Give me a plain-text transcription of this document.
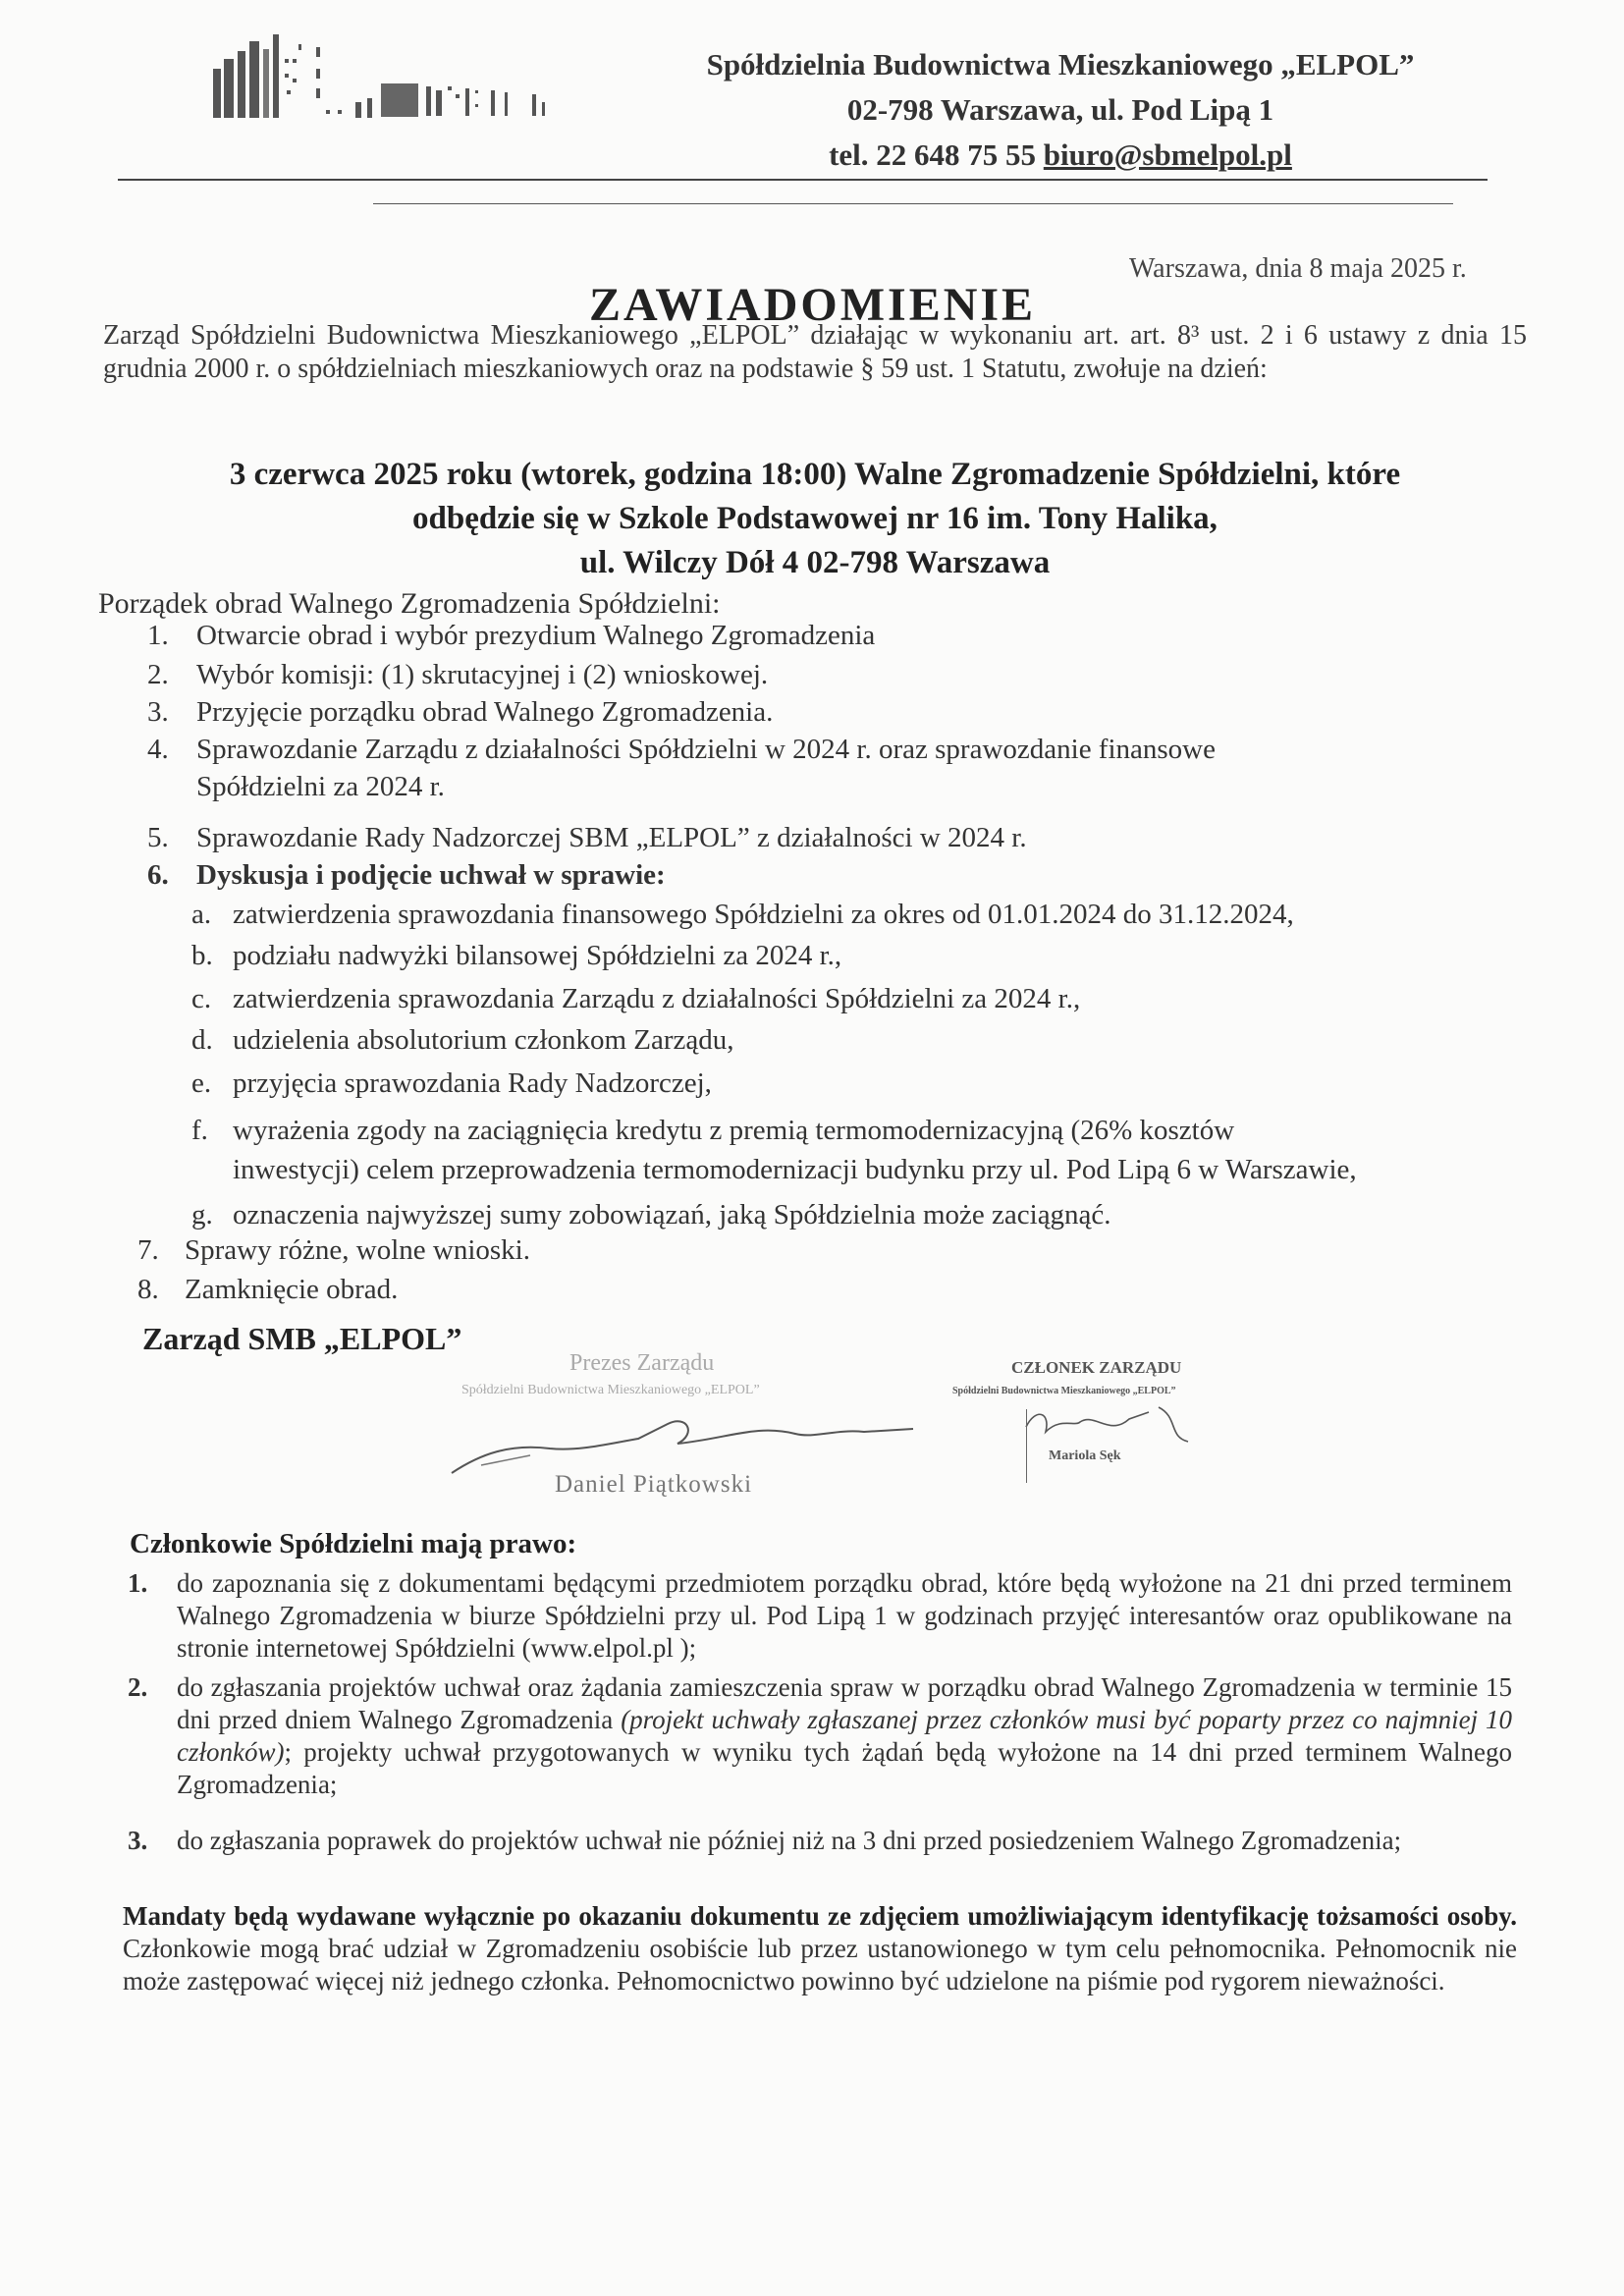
Spółdzielnia Budownictwa Mieszkaniowego „ELPOL”
02-798 Warszawa, ul. Pod Lipą 1
tel. 22 648 75 55 biuro@sbmelpol.pl
Warszawa, dnia 8 maja 2025 r.
ZAWIADOMIENIE
Zarząd Spółdzielni Budownictwa Mieszkaniowego „ELPOL” działając w wykonaniu art. art. 8³ ust. 2 i 6 ustawy z dnia 15 grudnia 2000 r. o spółdzielniach mieszkaniowych oraz na podstawie § 59 ust. 1 Statutu, zwołuje na dzień:
3 czerwca 2025 roku (wtorek, godzina 18:00) Walne Zgromadzenie Spółdzielni, które
odbędzie się w Szkole Podstawowej nr 16 im. Tony Halika,
ul. Wilczy Dół 4 02-798 Warszawa
Porządek obrad Walnego Zgromadzenia Spółdzielni:
1. Otwarcie obrad i wybór prezydium Walnego Zgromadzenia
2. Wybór komisji: (1) skrutacyjnej i (2) wnioskowej.
3. Przyjęcie porządku obrad Walnego Zgromadzenia.
4. Sprawozdanie Zarządu z działalności Spółdzielni w 2024 r. oraz sprawozdanie finansowe
Spółdzielni za 2024 r.
5. Sprawozdanie Rady Nadzorczej SBM „ELPOL” z działalności w 2024 r.
6. Dyskusja i podjęcie uchwał w sprawie:
a. zatwierdzenia sprawozdania finansowego Spółdzielni za okres od 01.01.2024 do 31.12.2024,
b. podziału nadwyżki bilansowej Spółdzielni za 2024 r.,
c. zatwierdzenia sprawozdania Zarządu z działalności Spółdzielni za 2024 r.,
d. udzielenia absolutorium członkom Zarządu,
e. przyjęcia sprawozdania Rady Nadzorczej,
f. wyrażenia zgody na zaciągnięcia kredytu z premią termomodernizacyjną (26% kosztów
inwestycji) celem przeprowadzenia termomodernizacji budynku przy ul. Pod Lipą 6 w Warszawie,
g. oznaczenia najwyższej sumy zobowiązań, jaką Spółdzielnia może zaciągnąć.
7. Sprawy różne, wolne wnioski.
8. Zamknięcie obrad.
Zarząd SMB „ELPOL”
Prezes Zarządu
Spółdzielni Budownictwa Mieszkaniowego „ELPOL”
Daniel Piątkowski
CZŁONEK ZARZĄDU
Spółdzielni Budownictwa Mieszkaniowego „ELPOL”
Mariola Sęk
Członkowie Spółdzielni mają prawo:
1. do zapoznania się z dokumentami będącymi przedmiotem porządku obrad, które będą wyłożone na 21 dni przed terminem Walnego Zgromadzenia w biurze Spółdzielni przy ul. Pod Lipą 1 w godzinach przyjęć interesantów oraz opublikowane na stronie internetowej Spółdzielni (www.elpol.pl );
2. do zgłaszania projektów uchwał oraz żądania zamieszczenia spraw w porządku obrad Walnego Zgromadzenia w terminie 15 dni przed dniem Walnego Zgromadzenia (projekt uchwały zgłaszanej przez członków musi być poparty przez co najmniej 10 członków); projekty uchwał przygotowanych w wyniku tych żądań będą wyłożone na 14 dni przed terminem Walnego Zgromadzenia;
3. do zgłaszania poprawek do projektów uchwał nie później niż na 3 dni przed posiedzeniem Walnego Zgromadzenia;
Mandaty będą wydawane wyłącznie po okazaniu dokumentu ze zdjęciem umożliwiającym identyfikację tożsamości osoby. Członkowie mogą brać udział w Zgromadzeniu osobiście lub przez ustanowionego w tym celu pełnomocnika. Pełnomocnik nie może zastępować więcej niż jednego członka. Pełnomocnictwo powinno być udzielone na piśmie pod rygorem nieważności.
